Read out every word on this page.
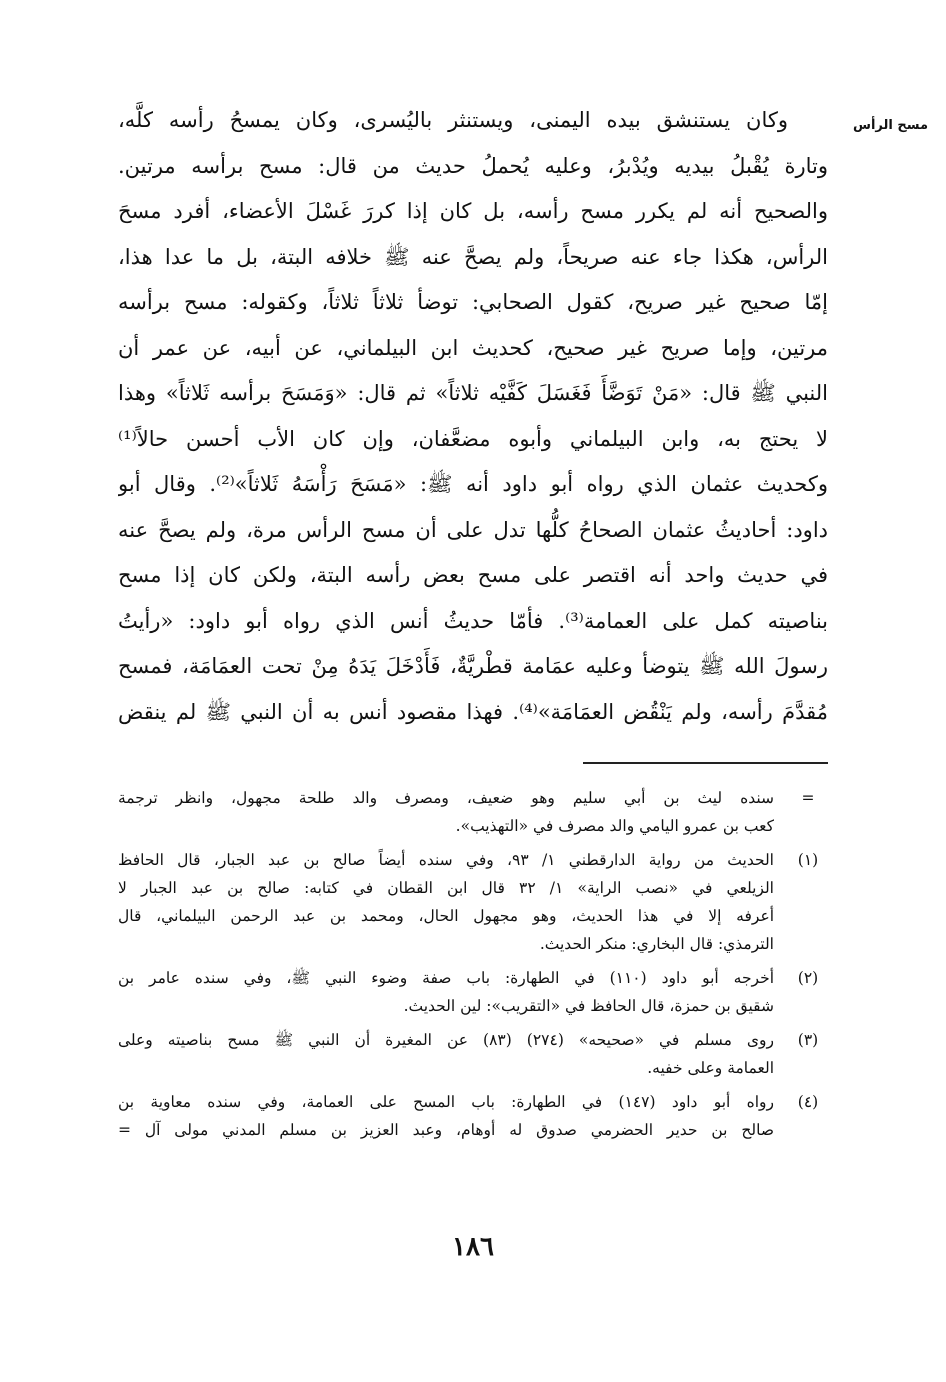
مسح الرأس

وكان يستنشق بيده اليمنى، ويستنثر باليُسرى، وكان يمسحُ رأسه كلَّه،
وتارة يُقْبلُ بيديه ويُدْبرُ، وعليه يُحملُ حديث من قال: مسح برأسه مرتين.
والصحيح أنه لم يكرر مسح رأسه، بل كان إذا كررَ غَسْلَ الأعضاء، أفرد مسحَ
الرأس، هكذا جاء عنه صريحاً، ولم يصحَّ عنه ﷺ خلافه البتة، بل ما عدا هذا،
إمّا صحيح غير صريح، كقول الصحابي: توضأ ثلاثاً ثلاثاً، وكقوله: مسح برأسه
مرتين، وإما صريح غير صحيح، كحديث ابن البيلماني، عن أبيه، عن عمر أن
النبي ﷺ قال: «مَنْ تَوَضَّأَ فَغَسَلَ كَفَّيْه ثلاثاً» ثم قال: «وَمَسَحَ برأسه ثَلاثاً» وهذا
لا يحتج به، وابن البيلماني وأبوه مضعَّفان، وإن كان الأب أحسن حالاً⁽¹⁾
وكحديث عثمان الذي رواه أبو داود أنه ﷺ: «مَسَحَ رَأْسَهُ ثَلاثاً»⁽²⁾. وقال أبو
داود: أحاديثُ عثمان الصحاحُ كلُّها تدل على أن مسح الرأس مرة، ولم يصحَّ عنه
في حديث واحد أنه اقتصر على مسح بعض رأسه البتة، ولكن كان إذا مسح
بناصيته كمل على العمامة⁽³⁾. فأمّا حديثُ أنس الذي رواه أبو داود: «رأيتُ
رسولَ الله ﷺ يتوضأ وعليه عمَامة قطْريَّةٌ، فَأَدْخَلَ يَدَهُ مِنْ تحت العمَامَة، فمسح
مُقدَّمَ رأسه، ولم يَنْقُض العمَامَة»⁽⁴⁾. فهذا مقصود أنس به أن النبي ﷺ لم ينقض

=
سنده ليث بن أبي سليم وهو ضعيف، ومصرف والد طلحة مجهول، وانظر ترجمة
كعب بن عمرو اليامي والد مصرف في «التهذيب».
(١)
الحديث من رواية الدارقطني ١/ ٩٣، وفي سنده أيضاً صالح بن عبد الجبار، قال الحافظ
الزيلعي في «نصب الراية» ١/ ٣٢ قال ابن القطان في كتابه: صالح بن عبد الجبار لا
أعرفه إلا في هذا الحديث، وهو مجهول الحال، ومحمد بن عبد الرحمن البيلماني، قال
الترمذي: قال البخاري: منكر الحديث.
(٢)
أخرجه أبو داود (١١٠) في الطهارة: باب صفة وضوء النبي ﷺ، وفي سنده عامر بن
شقيق بن حمزة، قال الحافظ في «التقريب»: لين الحديث.
(٣)
روى مسلم في «صحيحه» (٢٧٤) (٨٣) عن المغيرة أن النبي ﷺ مسح بناصيته وعلى
العمامة وعلى خفيه.
(٤)
رواه أبو داود (١٤٧) في الطهارة: باب المسح على العمامة، وفي سنده معاوية بن
صالح بن حدير الحضرمي صدوق له أوهام، وعبد العزيز بن مسلم المدني مولى آل =
١٨٦
